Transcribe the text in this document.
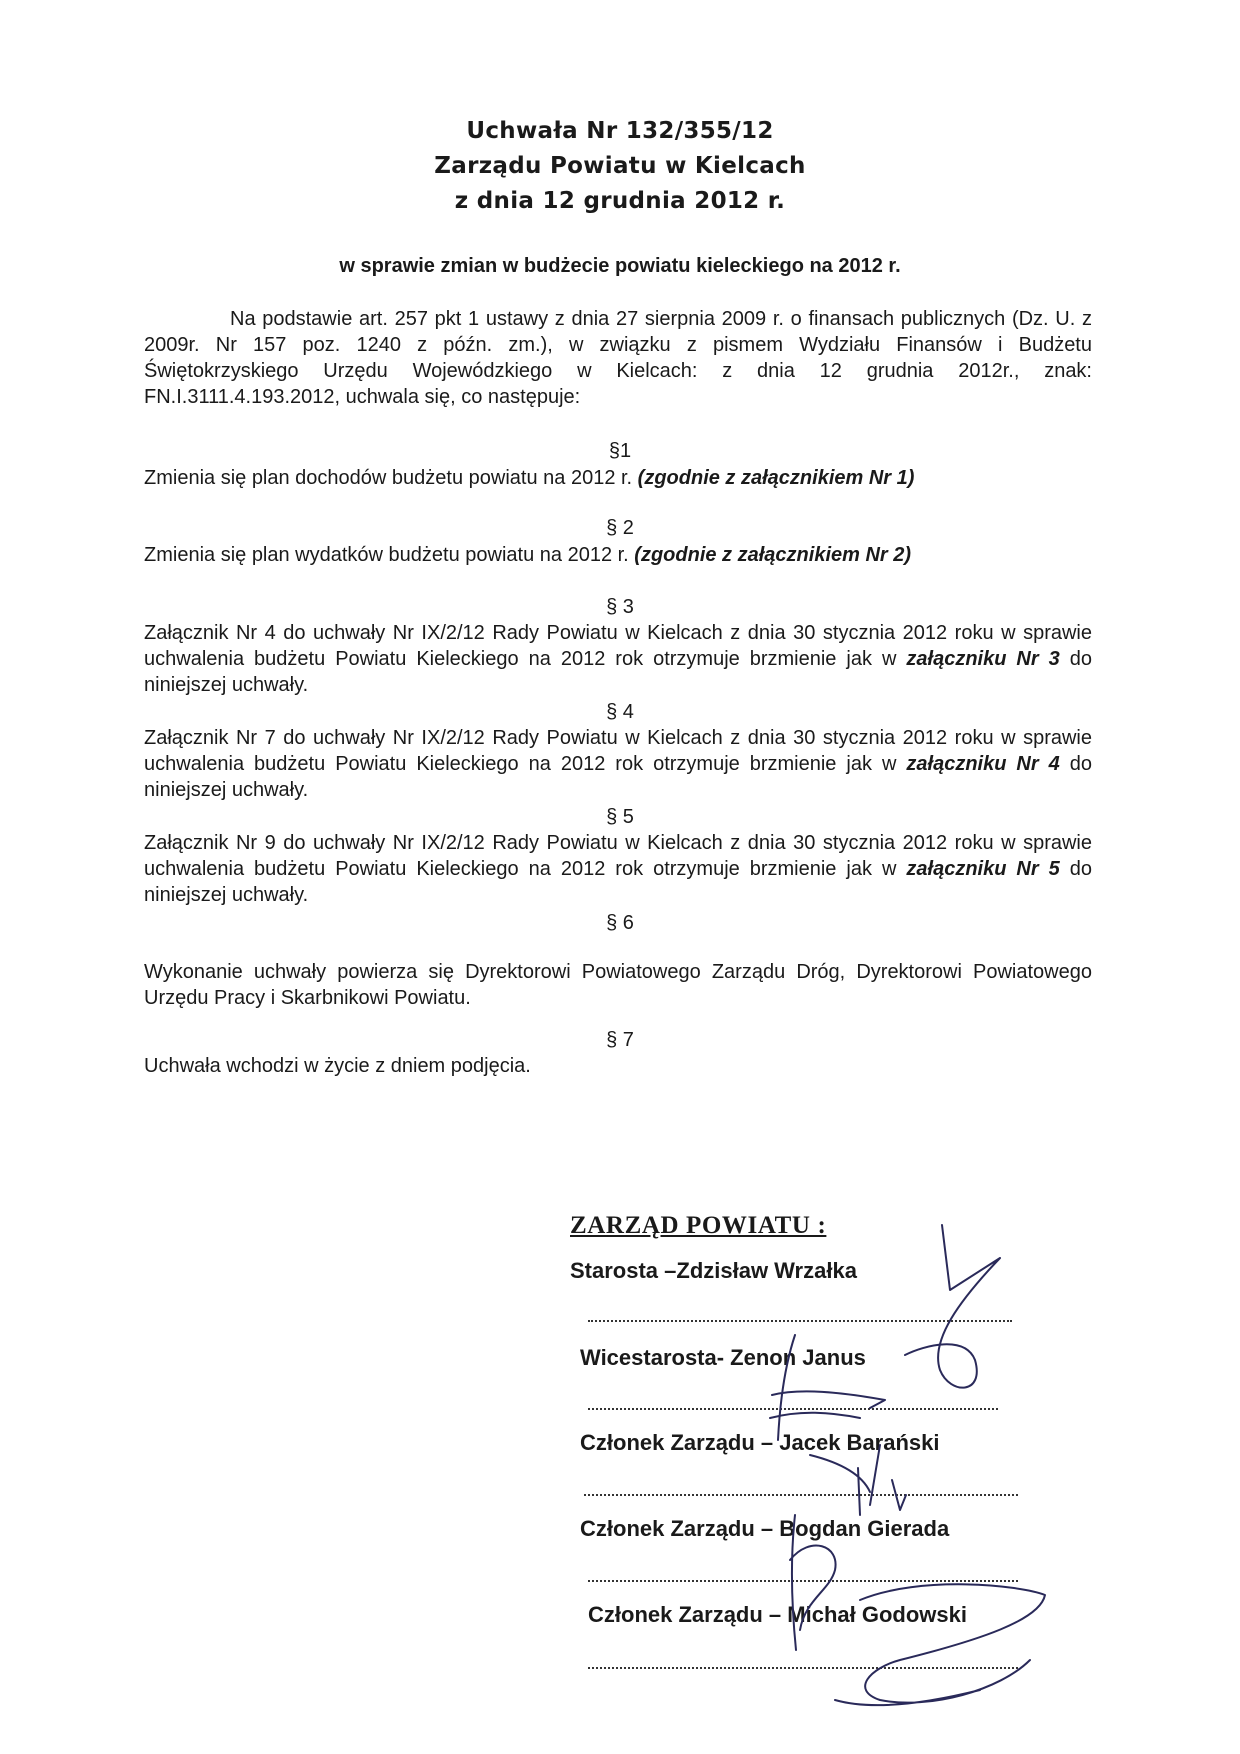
Uchwała Nr 132/355/12
Zarządu Powiatu w Kielcach
z dnia 12 grudnia 2012 r.
w sprawie zmian w budżecie powiatu kieleckiego na 2012 r.
Na podstawie art. 257 pkt 1 ustawy z dnia 27 sierpnia 2009 r. o finansach publicznych (Dz. U. z 2009r. Nr 157 poz. 1240 z późn. zm.), w związku z pismem Wydziału Finansów i Budżetu Świętokrzyskiego Urzędu Wojewódzkiego w Kielcach: z dnia 12 grudnia 2012r., znak: FN.I.3111.4.193.2012, uchwala się, co następuje:
§1
Zmienia się plan dochodów budżetu powiatu na 2012 r. (zgodnie z załącznikiem Nr 1)
§ 2
Zmienia się plan wydatków budżetu powiatu na 2012 r. (zgodnie z załącznikiem Nr 2)
§ 3
Załącznik Nr 4 do uchwały Nr IX/2/12 Rady Powiatu w Kielcach z dnia 30 stycznia 2012 roku w sprawie uchwalenia budżetu Powiatu Kieleckiego na 2012 rok otrzymuje brzmienie jak w załączniku Nr 3 do niniejszej uchwały.
§ 4
Załącznik Nr 7 do uchwały Nr IX/2/12 Rady Powiatu w Kielcach z dnia 30 stycznia 2012 roku w sprawie uchwalenia budżetu Powiatu Kieleckiego na 2012 rok otrzymuje brzmienie jak w załączniku Nr 4 do niniejszej uchwały.
§ 5
Załącznik Nr 9 do uchwały Nr IX/2/12 Rady Powiatu w Kielcach z dnia 30 stycznia 2012 roku w sprawie uchwalenia budżetu Powiatu Kieleckiego na 2012 rok otrzymuje brzmienie jak w załączniku Nr 5 do niniejszej uchwały.
§ 6
Wykonanie uchwały powierza się Dyrektorowi Powiatowego Zarządu Dróg, Dyrektorowi Powiatowego Urzędu Pracy i Skarbnikowi Powiatu.
§ 7
Uchwała wchodzi w życie z dniem podjęcia.
ZARZĄD POWIATU :
Starosta –Zdzisław Wrzałka
Wicestarosta- Zenon Janus
Członek Zarządu – Jacek Barański
Członek Zarządu – Bogdan Gierada
Członek Zarządu – Michał Godowski
